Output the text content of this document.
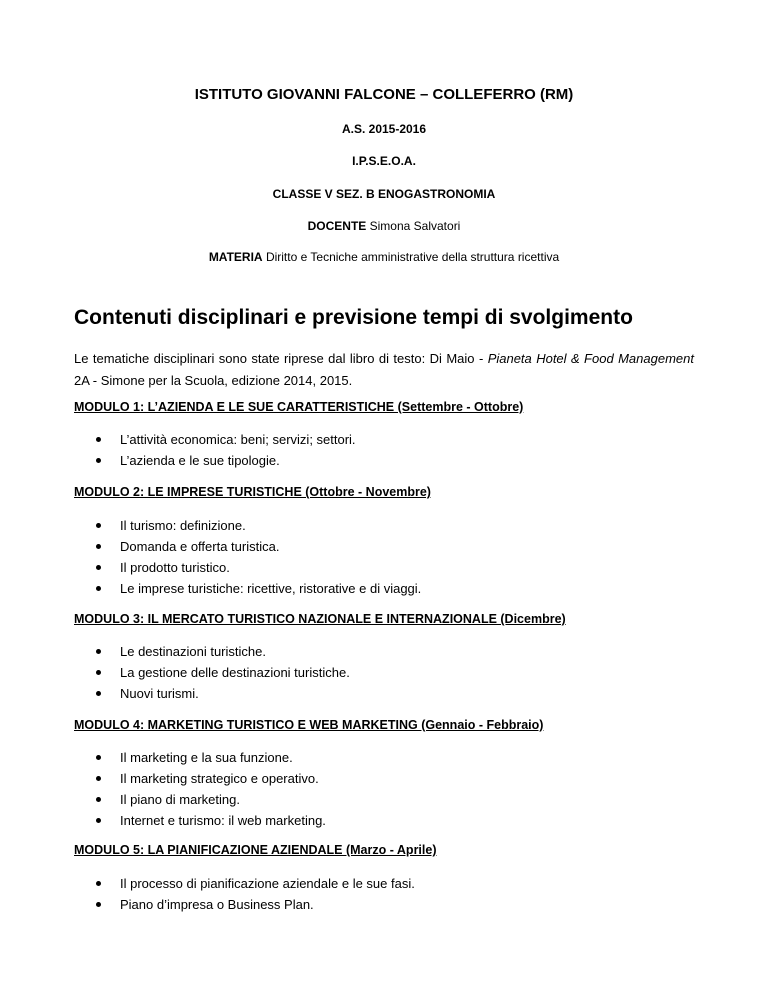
ISTITUTO GIOVANNI FALCONE – COLLEFERRO (RM)
A.S. 2015-2016
I.P.S.E.O.A.
CLASSE V SEZ. B ENOGASTRONOMIA
DOCENTE Simona Salvatori
MATERIA Diritto e Tecniche amministrative della struttura ricettiva
Contenuti disciplinari e previsione tempi di svolgimento
Le tematiche disciplinari sono state riprese dal libro di testo: Di Maio - Pianeta Hotel & Food Management 2A - Simone per la Scuola, edizione 2014, 2015.
MODULO 1: L’AZIENDA E LE SUE CARATTERISTICHE (Settembre - Ottobre)
L’attività economica: beni; servizi; settori.
L’azienda e le sue tipologie.
MODULO 2: LE IMPRESE TURISTICHE (Ottobre - Novembre)
Il turismo: definizione.
Domanda e offerta turistica.
Il prodotto turistico.
Le imprese turistiche: ricettive, ristorative e di viaggi.
MODULO 3: IL MERCATO TURISTICO NAZIONALE E INTERNAZIONALE (Dicembre)
Le destinazioni turistiche.
La gestione delle destinazioni turistiche.
Nuovi turismi.
MODULO 4: MARKETING TURISTICO E WEB MARKETING (Gennaio - Febbraio)
Il marketing e la sua funzione.
Il marketing strategico e operativo.
Il piano di marketing.
Internet e turismo: il web marketing.
MODULO 5: LA PIANIFICAZIONE AZIENDALE (Marzo - Aprile)
Il processo di pianificazione aziendale e le sue fasi.
Piano d’impresa o Business Plan.
